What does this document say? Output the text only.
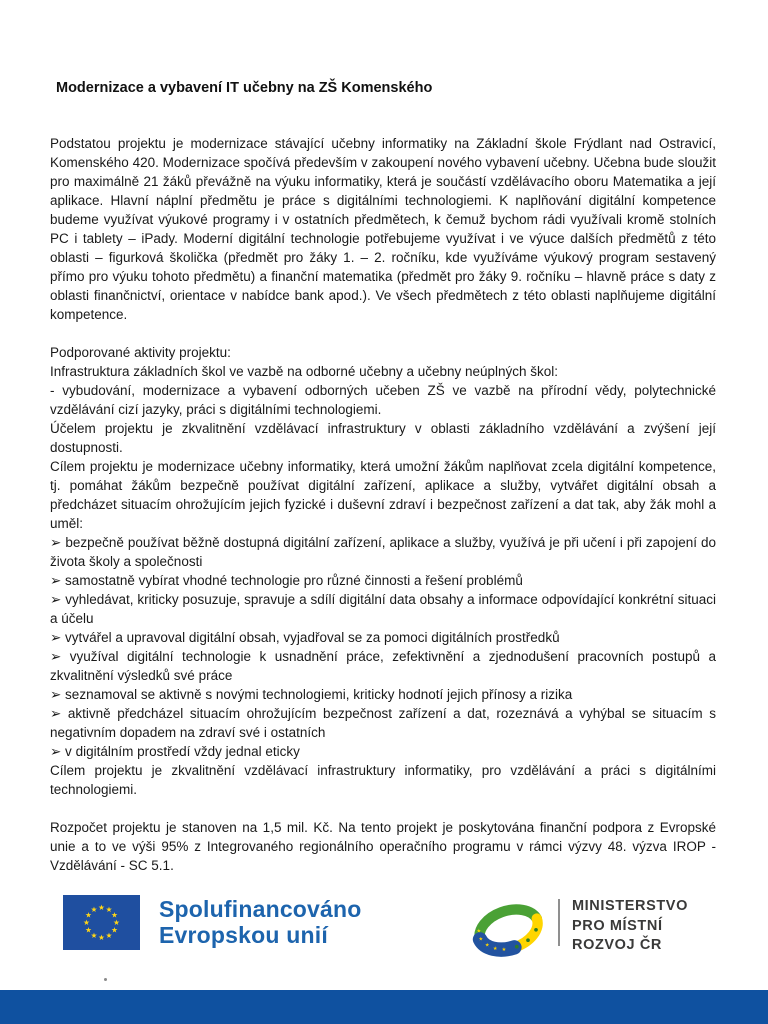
Modernizace a vybavení IT učebny na ZŠ Komenského

Podstatou projektu je modernizace stávající učebny informatiky na Základní škole Frýdlant nad Ostravicí, Komenského 420. Modernizace spočívá především v zakoupení nového vybavení učebny. Učebna bude sloužit pro maximálně 21 žáků převážně na výuku informatiky, která je součástí vzdělávacího oboru Matematika a její aplikace. Hlavní náplní předmětu je práce s digitálními technologiemi. K naplňování digitální kompetence budeme využívat výukové programy i v ostatních předmětech, k čemuž bychom rádi využívali kromě stolních PC i tablety – iPady. Moderní digitální technologie potřebujeme využívat i ve výuce dalších předmětů z této oblasti – figurková školička (předmět pro žáky 1. – 2. ročníku, kde využíváme výukový program sestavený přímo pro výuku tohoto předmětu) a finanční matematika (předmět pro žáky 9. ročníku – hlavně práce s daty z oblasti finančnictví, orientace v nabídce bank apod.). Ve všech předmětech z této oblasti naplňujeme digitální kompetence.

Podporované aktivity projektu:

Infrastruktura základních škol ve vazbě na odborné učebny a učebny neúplných škol:

- vybudování, modernizace a vybavení odborných učeben ZŠ ve vazbě na přírodní vědy, polytechnické vzdělávání cizí jazyky, práci s digitálními technologiemi.

Účelem projektu je zkvalitnění vzdělávací infrastruktury v oblasti základního vzdělávání a zvýšení její dostupnosti.

Cílem projektu je modernizace učebny informatiky, která umožní žákům naplňovat zcela digitální kompetence, tj. pomáhat žákům bezpečně používat digitální zařízení, aplikace a služby, vytvářet digitální obsah a předcházet situacím ohrožujícím jejich fyzické i duševní zdraví i bezpečnost zařízení a dat tak, aby žák mohl a uměl:

➢ bezpečně používat běžně dostupná digitální zařízení, aplikace a služby, využívá je při učení i při zapojení do života školy a společnosti

➢ samostatně vybírat vhodné technologie pro různé činnosti a řešení problémů

➢ vyhledávat, kriticky posuzuje, spravuje a sdílí digitální data obsahy a informace odpovídající konkrétní situaci a účelu

➢ vytvářel a upravoval digitální obsah, vyjadřoval se za pomoci digitálních prostředků

➢ využíval digitální technologie k usnadnění práce, zefektivnění a zjednodušení pracovních postupů a zkvalitnění výsledků své práce

➢ seznamoval se aktivně s novými technologiemi, kriticky hodnotí jejich přínosy a rizika

➢ aktivně předcházel situacím ohrožujícím bezpečnost zařízení a dat, rozeznává a vyhýbal se situacím s negativním dopadem na zdraví své i ostatních

➢ v digitálním prostředí vždy jednal eticky

Cílem projektu je zkvalitnění vzdělávací infrastruktury informatiky, pro vzdělávání a práci s digitálními technologiemi.

Rozpočet projektu je stanoven na 1,5 mil. Kč. Na tento projekt je poskytována finanční podpora z Evropské unie a to ve výši 95% z Integrovaného regionálního operačního programu v rámci výzvy 48. výzva IROP - Vzdělávání - SC 5.1.

★ ★
★
★
★
★
★
★
★
★
★
★	Spolufinancováno
Evropskou unií	★
★
★
★ ★
MINISTERSTVO
PRO MÍSTNÍ
ROZVOJ ČR
